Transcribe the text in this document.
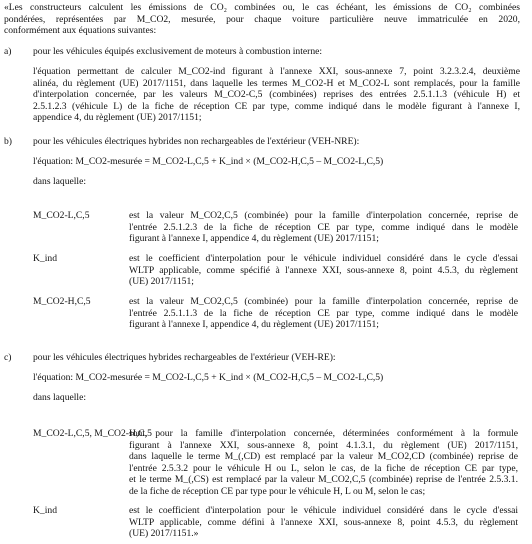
«Les constructeurs calculent les émissions de CO₂ combinées ou, le cas échéant, les émissions de CO₂ combinées
pondérées, représentées par M_CO2, mesurée, pour chaque voiture particulière neuve immatriculée en 2020,
conformément aux équations suivantes:
a) pour les véhicules équipés exclusivement de moteurs à combustion interne:
l'équation permettant de calculer M_CO2-ind figurant à l'annexe XXI, sous-annexe 7, point 3.2.3.2.4, deuxième
alinéa, du règlement (UE) 2017/1151, dans laquelle les termes M_CO2-H et M_CO2-L sont remplacés, pour la famille
d'interpolation concernée, par les valeurs M_CO2-C,5 (combinées) reprises des entrées 2.5.1.1.3 (véhicule H) et
2.5.1.2.3 (véhicule L) de la fiche de réception CE par type, comme indiqué dans le modèle figurant à l'annexe I,
appendice 4, du règlement (UE) 2017/1151;
b) pour les véhicules électriques hybrides non rechargeables de l'extérieur (VEH-NRE):
l'équation: M_CO2-mesurée = M_CO2-L,C,5 + K_ind × (M_CO2-H,C,5 – M_CO2-L,C,5)
dans laquelle:
M_CO2-L,C,5	est la valeur M_CO2,C,5 (combinée) pour la famille d'interpolation concernée, reprise de
l'entrée 2.5.1.2.3 de la fiche de réception CE par type, comme indiqué dans le modèle
figurant à l'annexe I, appendice 4, du règlement (UE) 2017/1151;
K_ind	est le coefficient d'interpolation pour le véhicule individuel considéré dans le cycle d'essai
WLTP applicable, comme spécifié à l'annexe XXI, sous-annexe 8, point 4.5.3, du règlement
(UE) 2017/1151;
M_CO2-H,C,5	est la valeur M_CO2,C,5 (combinée) pour la famille d'interpolation concernée, reprise de
l'entrée 2.5.1.1.3 de la fiche de réception CE par type, comme indiqué dans le modèle
figurant à l'annexe I, appendice 4, du règlement (UE) 2017/1151;
c) pour les véhicules électriques hybrides rechargeables de l'extérieur (VEH-RE):
l'équation: M_CO2-mesurée = M_CO2-L,C,5 + K_ind × (M_CO2-H,C,5 – M_CO2-L,C,5)
dans laquelle:
M_CO2-L,C,5, M_CO2-H,C,5
sont, pour la famille d'interpolation concernée, déterminées conformément à la formule
figurant à l'annexe XXI, sous-annexe 8, point 4.1.3.1, du règlement (UE) 2017/1151,
dans laquelle le terme M_(,CD) est remplacé par la valeur M_CO2,CD (combinée) reprise de
l'entrée 2.5.3.2 pour le véhicule H ou L, selon le cas, de la fiche de réception CE par type,
et le terme M_(,CS) est remplacé par la valeur M_CO2,C,5 (combinée) reprise de l'entrée 2.5.3.1.
de la fiche de réception CE par type pour le véhicule H, L ou M, selon le cas;
K_ind	est le coefficient d'interpolation pour le véhicule individuel considéré dans le cycle d'essai
WLTP applicable, comme défini à l'annexe XXI, sous-annexe 8, point 4.5.3, du règlement
(UE) 2017/1151.»
